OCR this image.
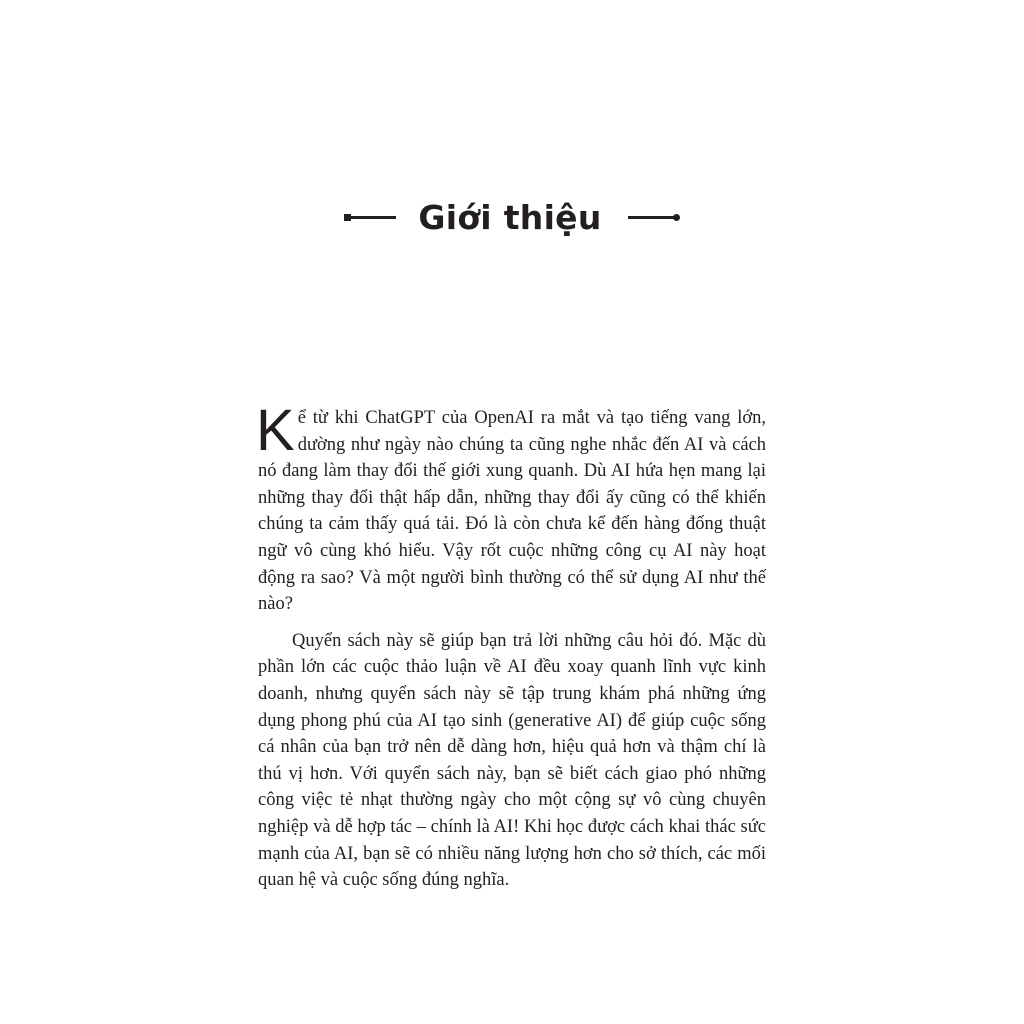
Giới thiệu

Kể từ khi ChatGPT của OpenAI ra mắt và tạo tiếng vang lớn, dường như ngày nào chúng ta cũng nghe nhắc đến AI và cách nó đang làm thay đổi thế giới xung quanh. Dù AI hứa hẹn mang lại những thay đổi thật hấp dẫn, những thay đổi ấy cũng có thể khiến chúng ta cảm thấy quá tải. Đó là còn chưa kể đến hàng đống thuật ngữ vô cùng khó hiểu. Vậy rốt cuộc những công cụ AI này hoạt động ra sao? Và một người bình thường có thể sử dụng AI như thế nào?

Quyển sách này sẽ giúp bạn trả lời những câu hỏi đó. Mặc dù phần lớn các cuộc thảo luận về AI đều xoay quanh lĩnh vực kinh doanh, nhưng quyển sách này sẽ tập trung khám phá những ứng dụng phong phú của AI tạo sinh (generative AI) để giúp cuộc sống cá nhân của bạn trở nên dễ dàng hơn, hiệu quả hơn và thậm chí là thú vị hơn. Với quyển sách này, bạn sẽ biết cách giao phó những công việc tẻ nhạt thường ngày cho một cộng sự vô cùng chuyên nghiệp và dễ hợp tác – chính là AI! Khi học được cách khai thác sức mạnh của AI, bạn sẽ có nhiều năng lượng hơn cho sở thích, các mối quan hệ và cuộc sống đúng nghĩa.
